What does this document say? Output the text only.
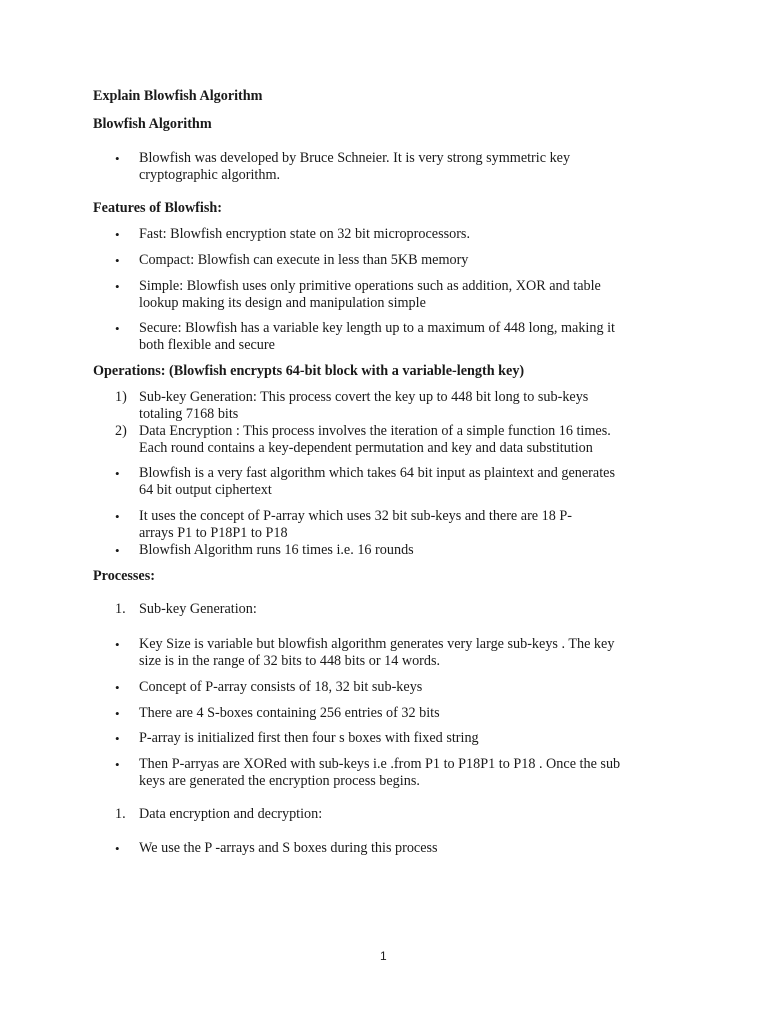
Explain Blowfish Algorithm
Blowfish Algorithm
• Blowfish was developed by Bruce Schneier. It is very strong symmetric key
cryptographic algorithm.
Features of Blowfish:
• Fast: Blowfish encryption state on 32 bit microprocessors.
• Compact: Blowfish can execute in less than 5KB memory
• Simple: Blowfish uses only primitive operations such as addition, XOR and table
lookup making its design and manipulation simple
• Secure: Blowfish has a variable key length up to a maximum of 448 long, making it
both flexible and secure
Operations: (Blowfish encrypts 64-bit block with a variable-length key)
1) Sub-key Generation: This process covert the key up to 448 bit long to sub-keys
totaling 7168 bits
2) Data Encryption : This process involves the iteration of a simple function 16 times.
Each round contains a key-dependent permutation and key and data substitution
• Blowfish is a very fast algorithm which takes 64 bit input as plaintext and generates
64 bit output ciphertext
• It uses the concept of P-array which uses 32 bit sub-keys and there are 18 P-
arrays P1 to P18P1 to P18
• Blowfish Algorithm runs 16 times i.e. 16 rounds
Processes:
1. Sub-key Generation:
• Key Size is variable but blowfish algorithm generates very large sub-keys . The key
size is in the range of 32 bits to 448 bits or 14 words.
• Concept of P-array consists of 18, 32 bit sub-keys
• There are 4 S-boxes containing 256 entries of 32 bits
• P-array is initialized first then four s boxes with fixed string
• Then P-arryas are XORed with sub-keys i.e .from P1 to P18P1 to P18 . Once the sub
keys are generated the encryption process begins.
1. Data encryption and decryption:
• We use the P -arrays and S boxes during this process
1
